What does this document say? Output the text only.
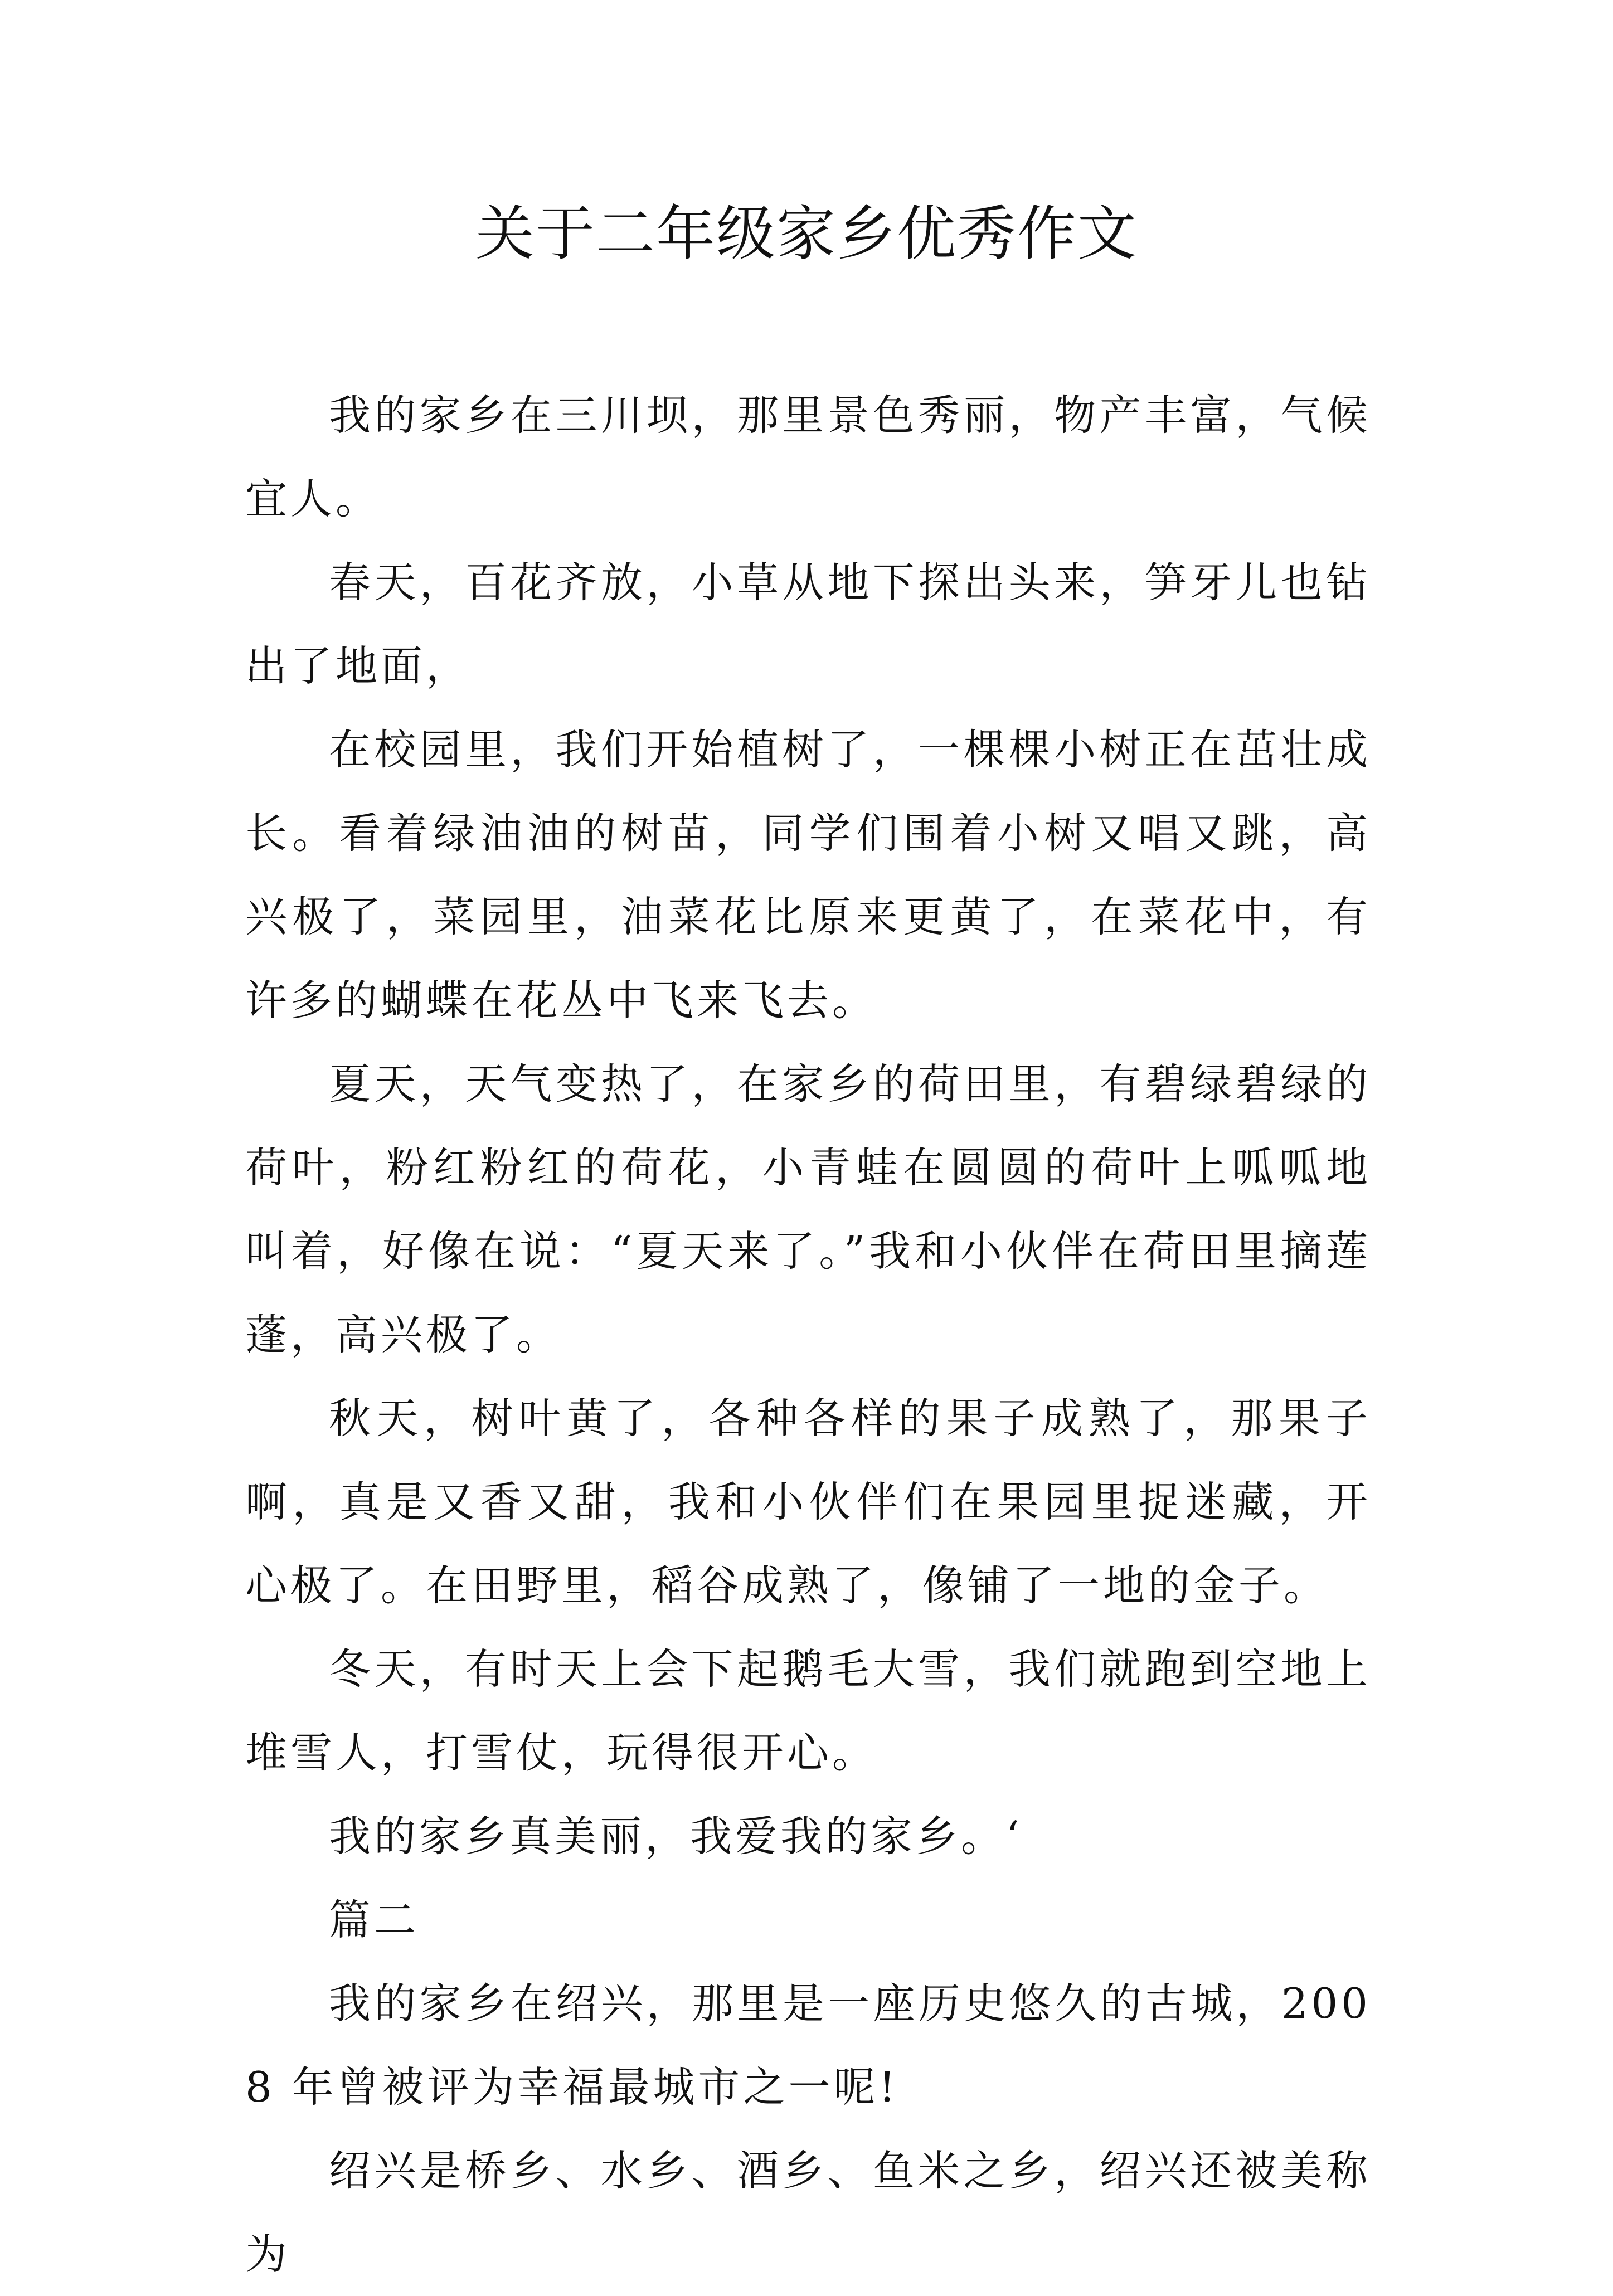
关于二年级家乡优秀作文

我的家乡在三川坝，那里景色秀丽，物产丰富，气候宜人。

春天，百花齐放，小草从地下探出头来，笋牙儿也钻出了地面，

在校园里，我们开始植树了，一棵棵小树正在茁壮成长。看着绿油油的树苗，同学们围着小树又唱又跳，高兴极了，菜园里，油菜花比原来更黄了，在菜花中，有许多的蝴蝶在花丛中飞来飞去。

夏天，天气变热了，在家乡的荷田里，有碧绿碧绿的荷叶，粉红粉红的荷花，小青蛙在圆圆的荷叶上呱呱地叫着，好像在说：“夏天来了。”我和小伙伴在荷田里摘莲蓬，高兴极了。

秋天，树叶黄了，各种各样的果子成熟了，那果子啊，真是又香又甜，我和小伙伴们在果园里捉迷藏，开心极了。在田野里，稻谷成熟了，像铺了一地的金子。

冬天，有时天上会下起鹅毛大雪，我们就跑到空地上堆雪人，打雪仗，玩得很开心。

我的家乡真美丽，我爱我的家乡。‘

篇二

我的家乡在绍兴，那里是一座历史悠久的古城，2008 年曾被评为幸福最城市之一呢!

绍兴是桥乡、水乡、酒乡、鱼米之乡，绍兴还被美称为
